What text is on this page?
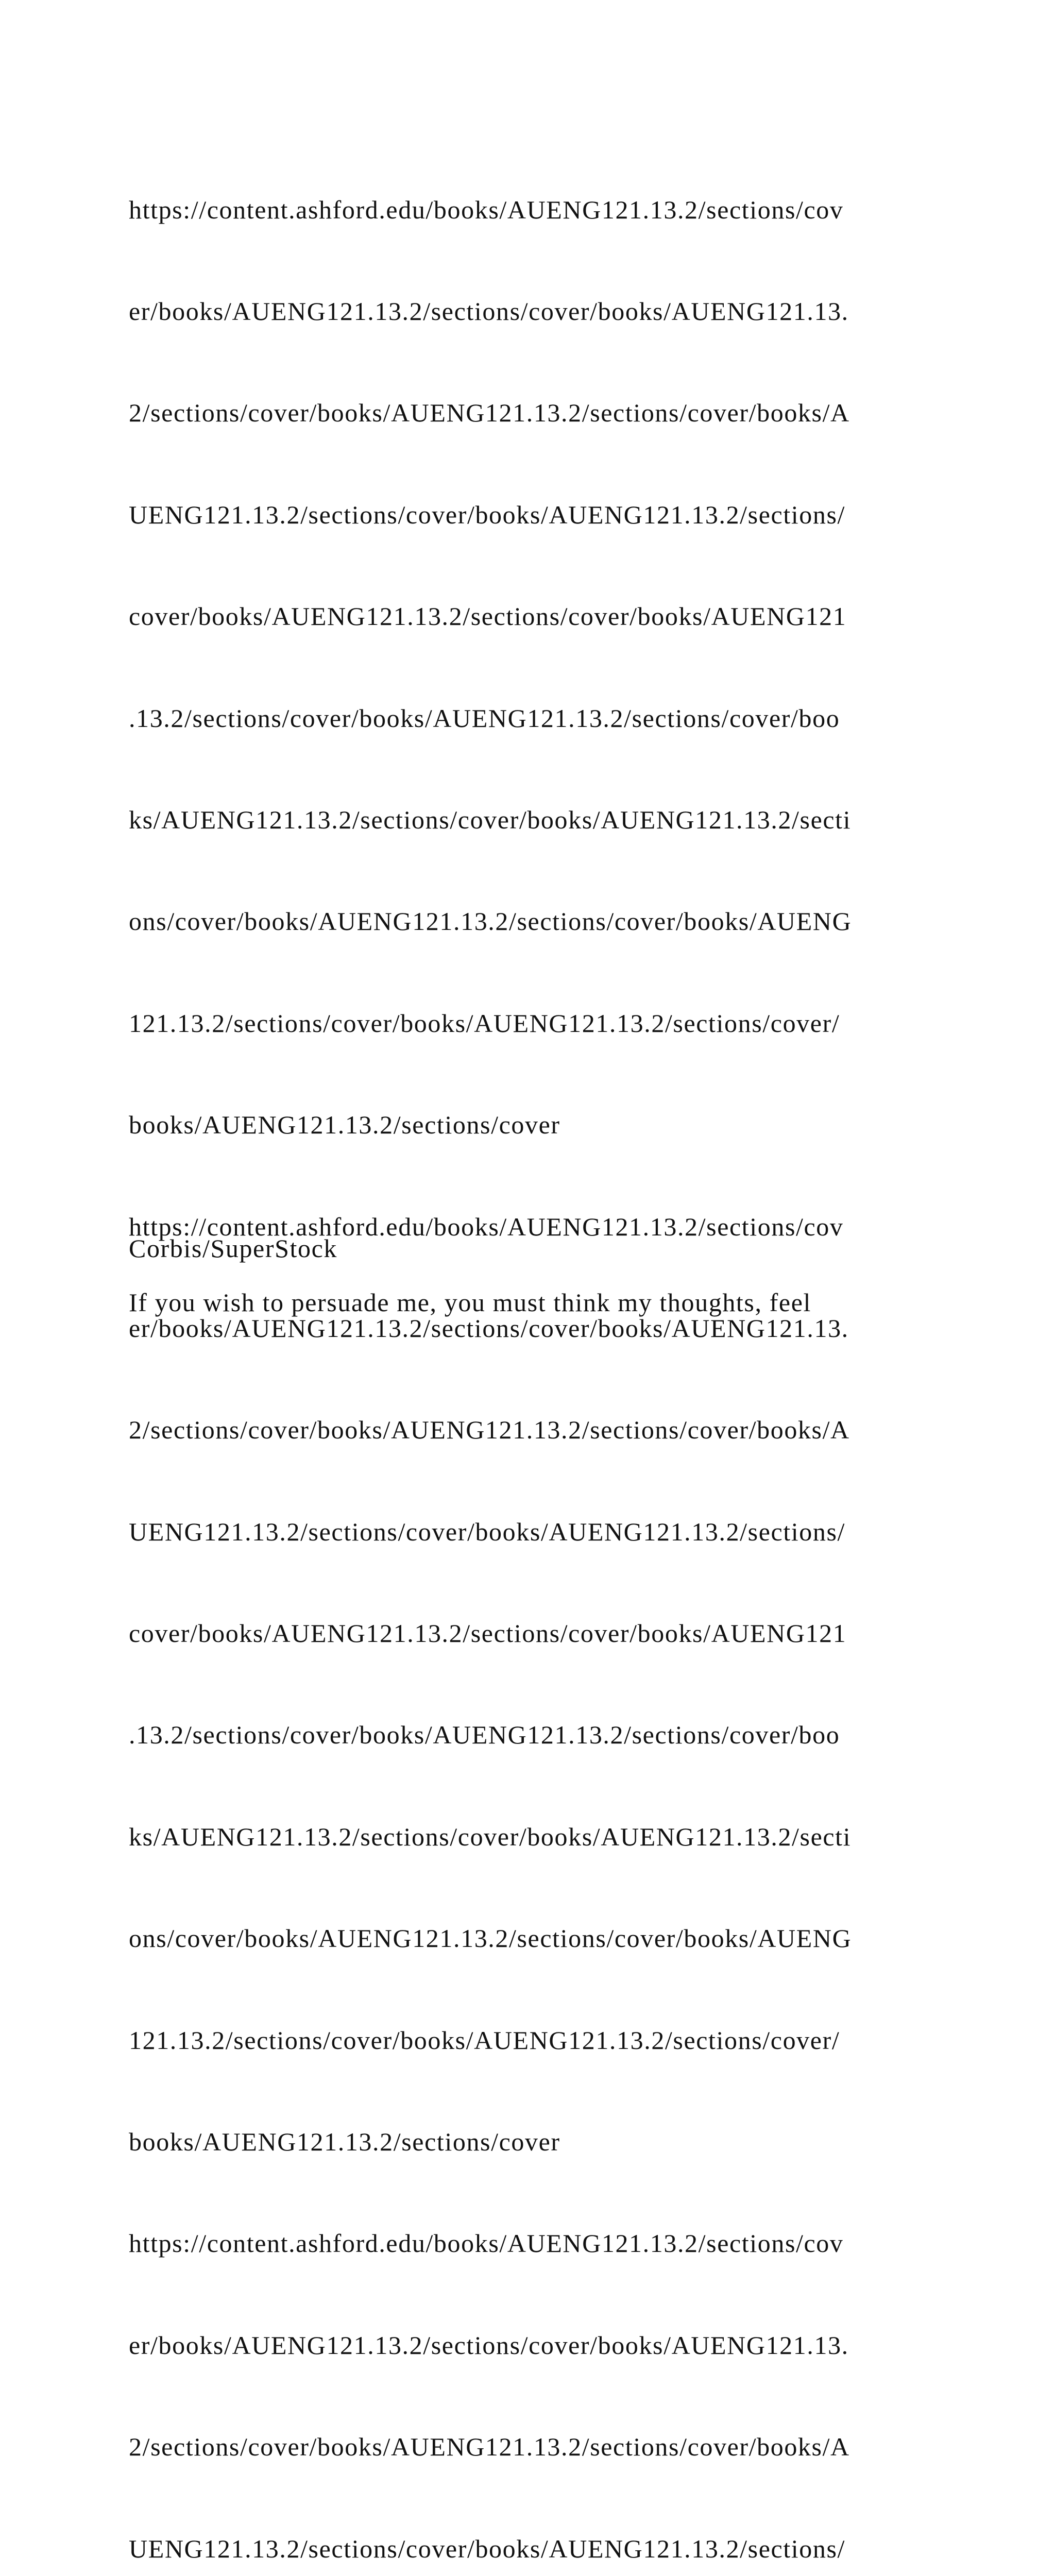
https://content.ashford.edu/books/AUENG121.13.2/sections/cov

er/books/AUENG121.13.2/sections/cover/books/AUENG121.13.

2/sections/cover/books/AUENG121.13.2/sections/cover/books/A

UENG121.13.2/sections/cover/books/AUENG121.13.2/sections/

cover/books/AUENG121.13.2/sections/cover/books/AUENG121

.13.2/sections/cover/books/AUENG121.13.2/sections/cover/boo

ks/AUENG121.13.2/sections/cover/books/AUENG121.13.2/secti

ons/cover/books/AUENG121.13.2/sections/cover/books/AUENG

121.13.2/sections/cover/books/AUENG121.13.2/sections/cover/

books/AUENG121.13.2/sections/cover

https://content.ashford.edu/books/AUENG121.13.2/sections/cov

er/books/AUENG121.13.2/sections/cover/books/AUENG121.13.

2/sections/cover/books/AUENG121.13.2/sections/cover/books/A

UENG121.13.2/sections/cover/books/AUENG121.13.2/sections/

cover/books/AUENG121.13.2/sections/cover/books/AUENG121

.13.2/sections/cover/books/AUENG121.13.2/sections/cover/boo

ks/AUENG121.13.2/sections/cover/books/AUENG121.13.2/secti

ons/cover/books/AUENG121.13.2/sections/cover/books/AUENG

121.13.2/sections/cover/books/AUENG121.13.2/sections/cover/

books/AUENG121.13.2/sections/cover

https://content.ashford.edu/books/AUENG121.13.2/sections/cov

er/books/AUENG121.13.2/sections/cover/books/AUENG121.13.

2/sections/cover/books/AUENG121.13.2/sections/cover/books/A

UENG121.13.2/sections/cover/books/AUENG121.13.2/sections/

Corbis/SuperStock
If you wish to persuade me, you must think my thoughts, feel
